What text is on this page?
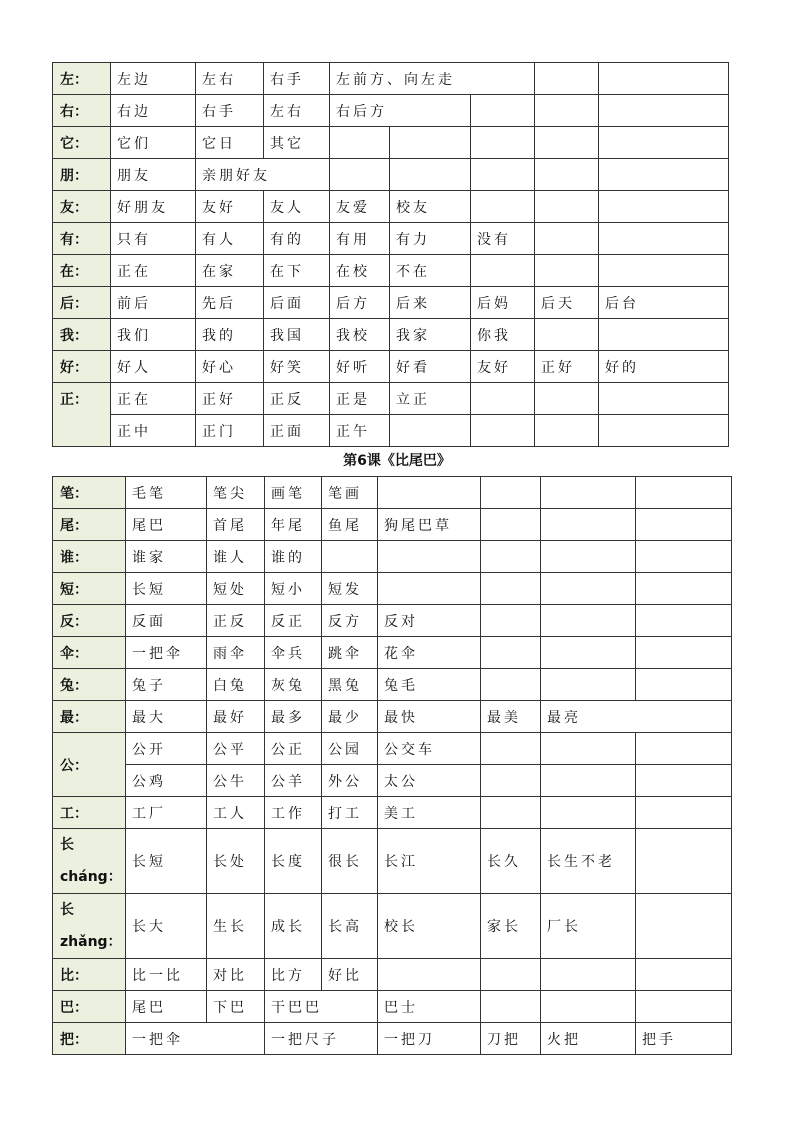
左：	左边	左右	右手	左前方、向左走					
右：	右边	右手	左右	右后方					
它：	它们	它日	其它						
朋：	朋友	亲朋好友							
友：	好朋友	友好	友人	友爱	校友				
有：	只有	有人	有的	有用	有力	没有			
在：	正在	在家	在下	在校	不在				
后：	前后	先后	后面	后方	后来	后妈	后天	后台	
我：	我们	我的	我国	我校	我家	你我			
好：	好人	好心	好笑	好听	好看	友好	正好	好的	
正：	正在	正好	正反	正是	立正				
	正中	正门	正面	正午					
第6课《比尾巴》
笔：	毛笔	笔尖	画笔	笔画				
尾：	尾巴	首尾	年尾	鱼尾	狗尾巴草			
谁：	谁家	谁人	谁的					
短：	长短	短处	短小	短发				
反：	反面	正反	反正	反方	反对			
伞：	一把伞	雨伞	伞兵	跳伞	花伞			
兔：	兔子	白兔	灰兔	黑兔	兔毛			
最：	最大	最好	最多	最少	最快	最美	最亮	
公：	公开	公平	公正	公园	公交车			
	公鸡	公牛	公羊	外公	太公			
工：	工厂	工人	工作	打工	美工			

长
cháng：	长短	长处	长度	很长	长江	长久	长生不老	

长
zhǎng：	长大	生长	成长	长高	校长	家长	厂长	
比：	比一比	对比	比方	好比				
巴：	尾巴	下巴	干巴巴		巴士			
把：	一把伞		一把尺子		一把刀	刀把	火把	把手
